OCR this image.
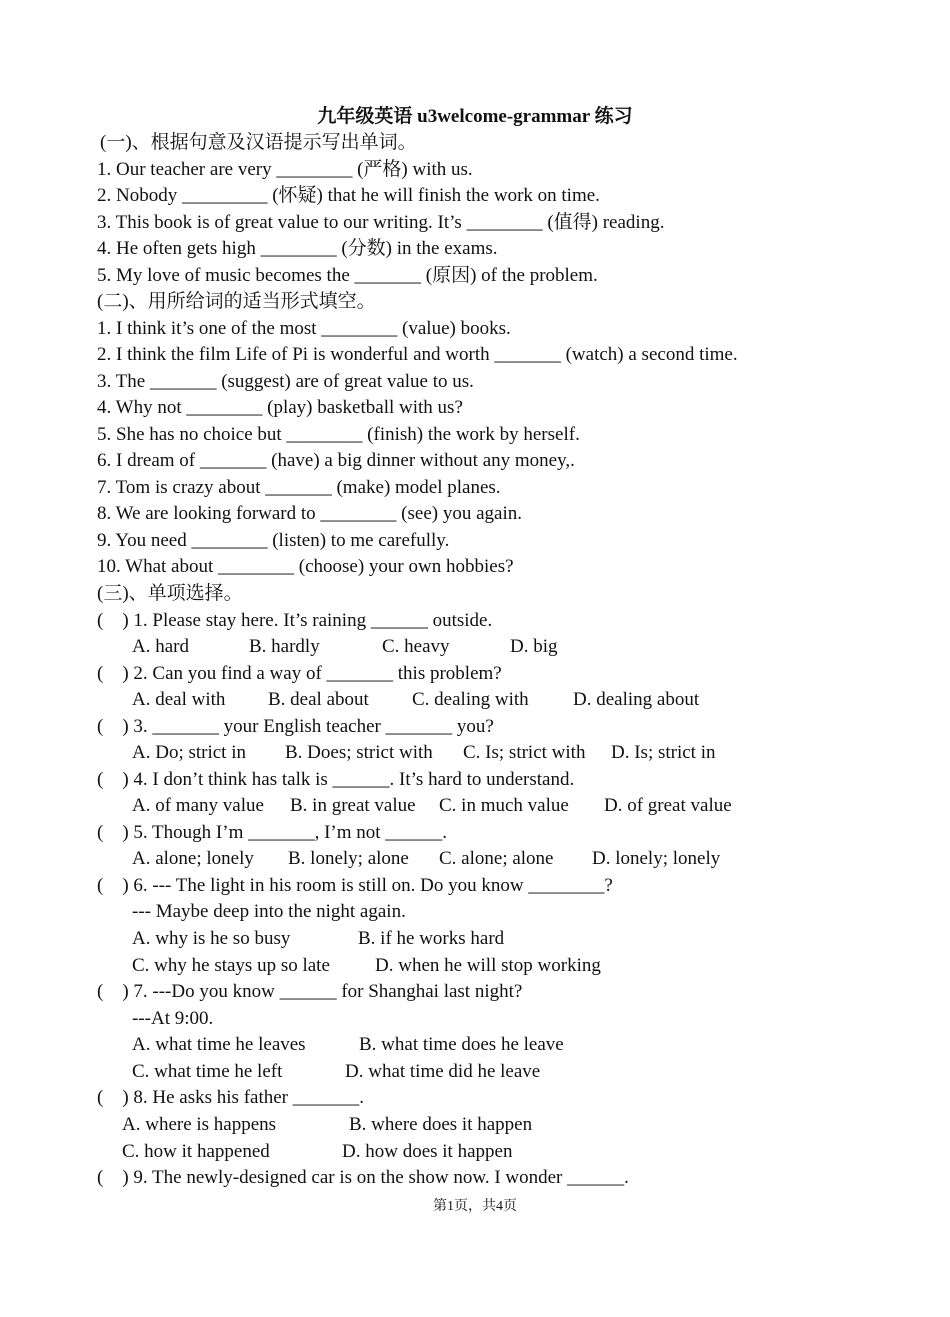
九年级英语 u3welcome-grammar 练习
(一)、根据句意及汉语提示写出单词。
1. Our teacher are very ________ (严格) with us.
2. Nobody _________ (怀疑) that he will finish the work on time.
3. This book is of great value to our writing. It’s ________ (值得) reading.
4. He often gets high ________ (分数) in the exams.
5. My love of music becomes the _______ (原因) of the problem.
(二)、用所给词的适当形式填空。
1. I think it’s one of the most ________ (value) books.
2. I think the film Life of Pi is wonderful and worth _______ (watch) a second time.
3. The _______ (suggest) are of great value to us.
4. Why not ________ (play) basketball with us?
5. She has no choice but ________ (finish) the work by herself.
6. I dream of _______ (have) a big dinner without any money,.
7. Tom is crazy about _______ (make) model planes.
8. We are looking forward to ________ (see) you again.
9. You need ________ (listen) to me carefully.
10. What about ________ (choose) your own hobbies?
(三)、单项选择。
(    ) 1. Please stay here. It’s raining ______ outside.

A. hard

	B. hardly

	C. heavy

	D. big

(    ) 2. Can you find a way of _______ this problem?

A. deal with

B. deal about

C. dealing with

D. dealing about

(    ) 3. _______ your English teacher _______ you?

A. Do; strict in

B. Does; strict with

C. Is; strict with

D. Is; strict in

(    ) 4. I don’t think has talk is ______. It’s hard to understand.

A. of many value

B. in great value

C. in much value

D. of great value

(    ) 5. Though I’m _______, I’m not ______.

A. alone; lonely

B. lonely; alone

C. alone; alone

D. lonely; lonely

(    ) 6. --- The light in his room is still on. Do you know ________?
--- Maybe deep into the night again.

A. why is he so busy

	B. if he works hard

C. why he stays up so late

D. when he will stop working

(    ) 7. ---Do you know ______ for Shanghai last night?
---At 9:00.

A. what time he leaves

	B. what time does he leave

C. what time he left

	D. what time did he leave

(    ) 8. He asks his father _______.

A. where is happens

	B. where does it happen

C. how it happened

	D. how does it happen

(    ) 9. The newly-designed car is on the show now. I wonder ______.
第1页，共4页
